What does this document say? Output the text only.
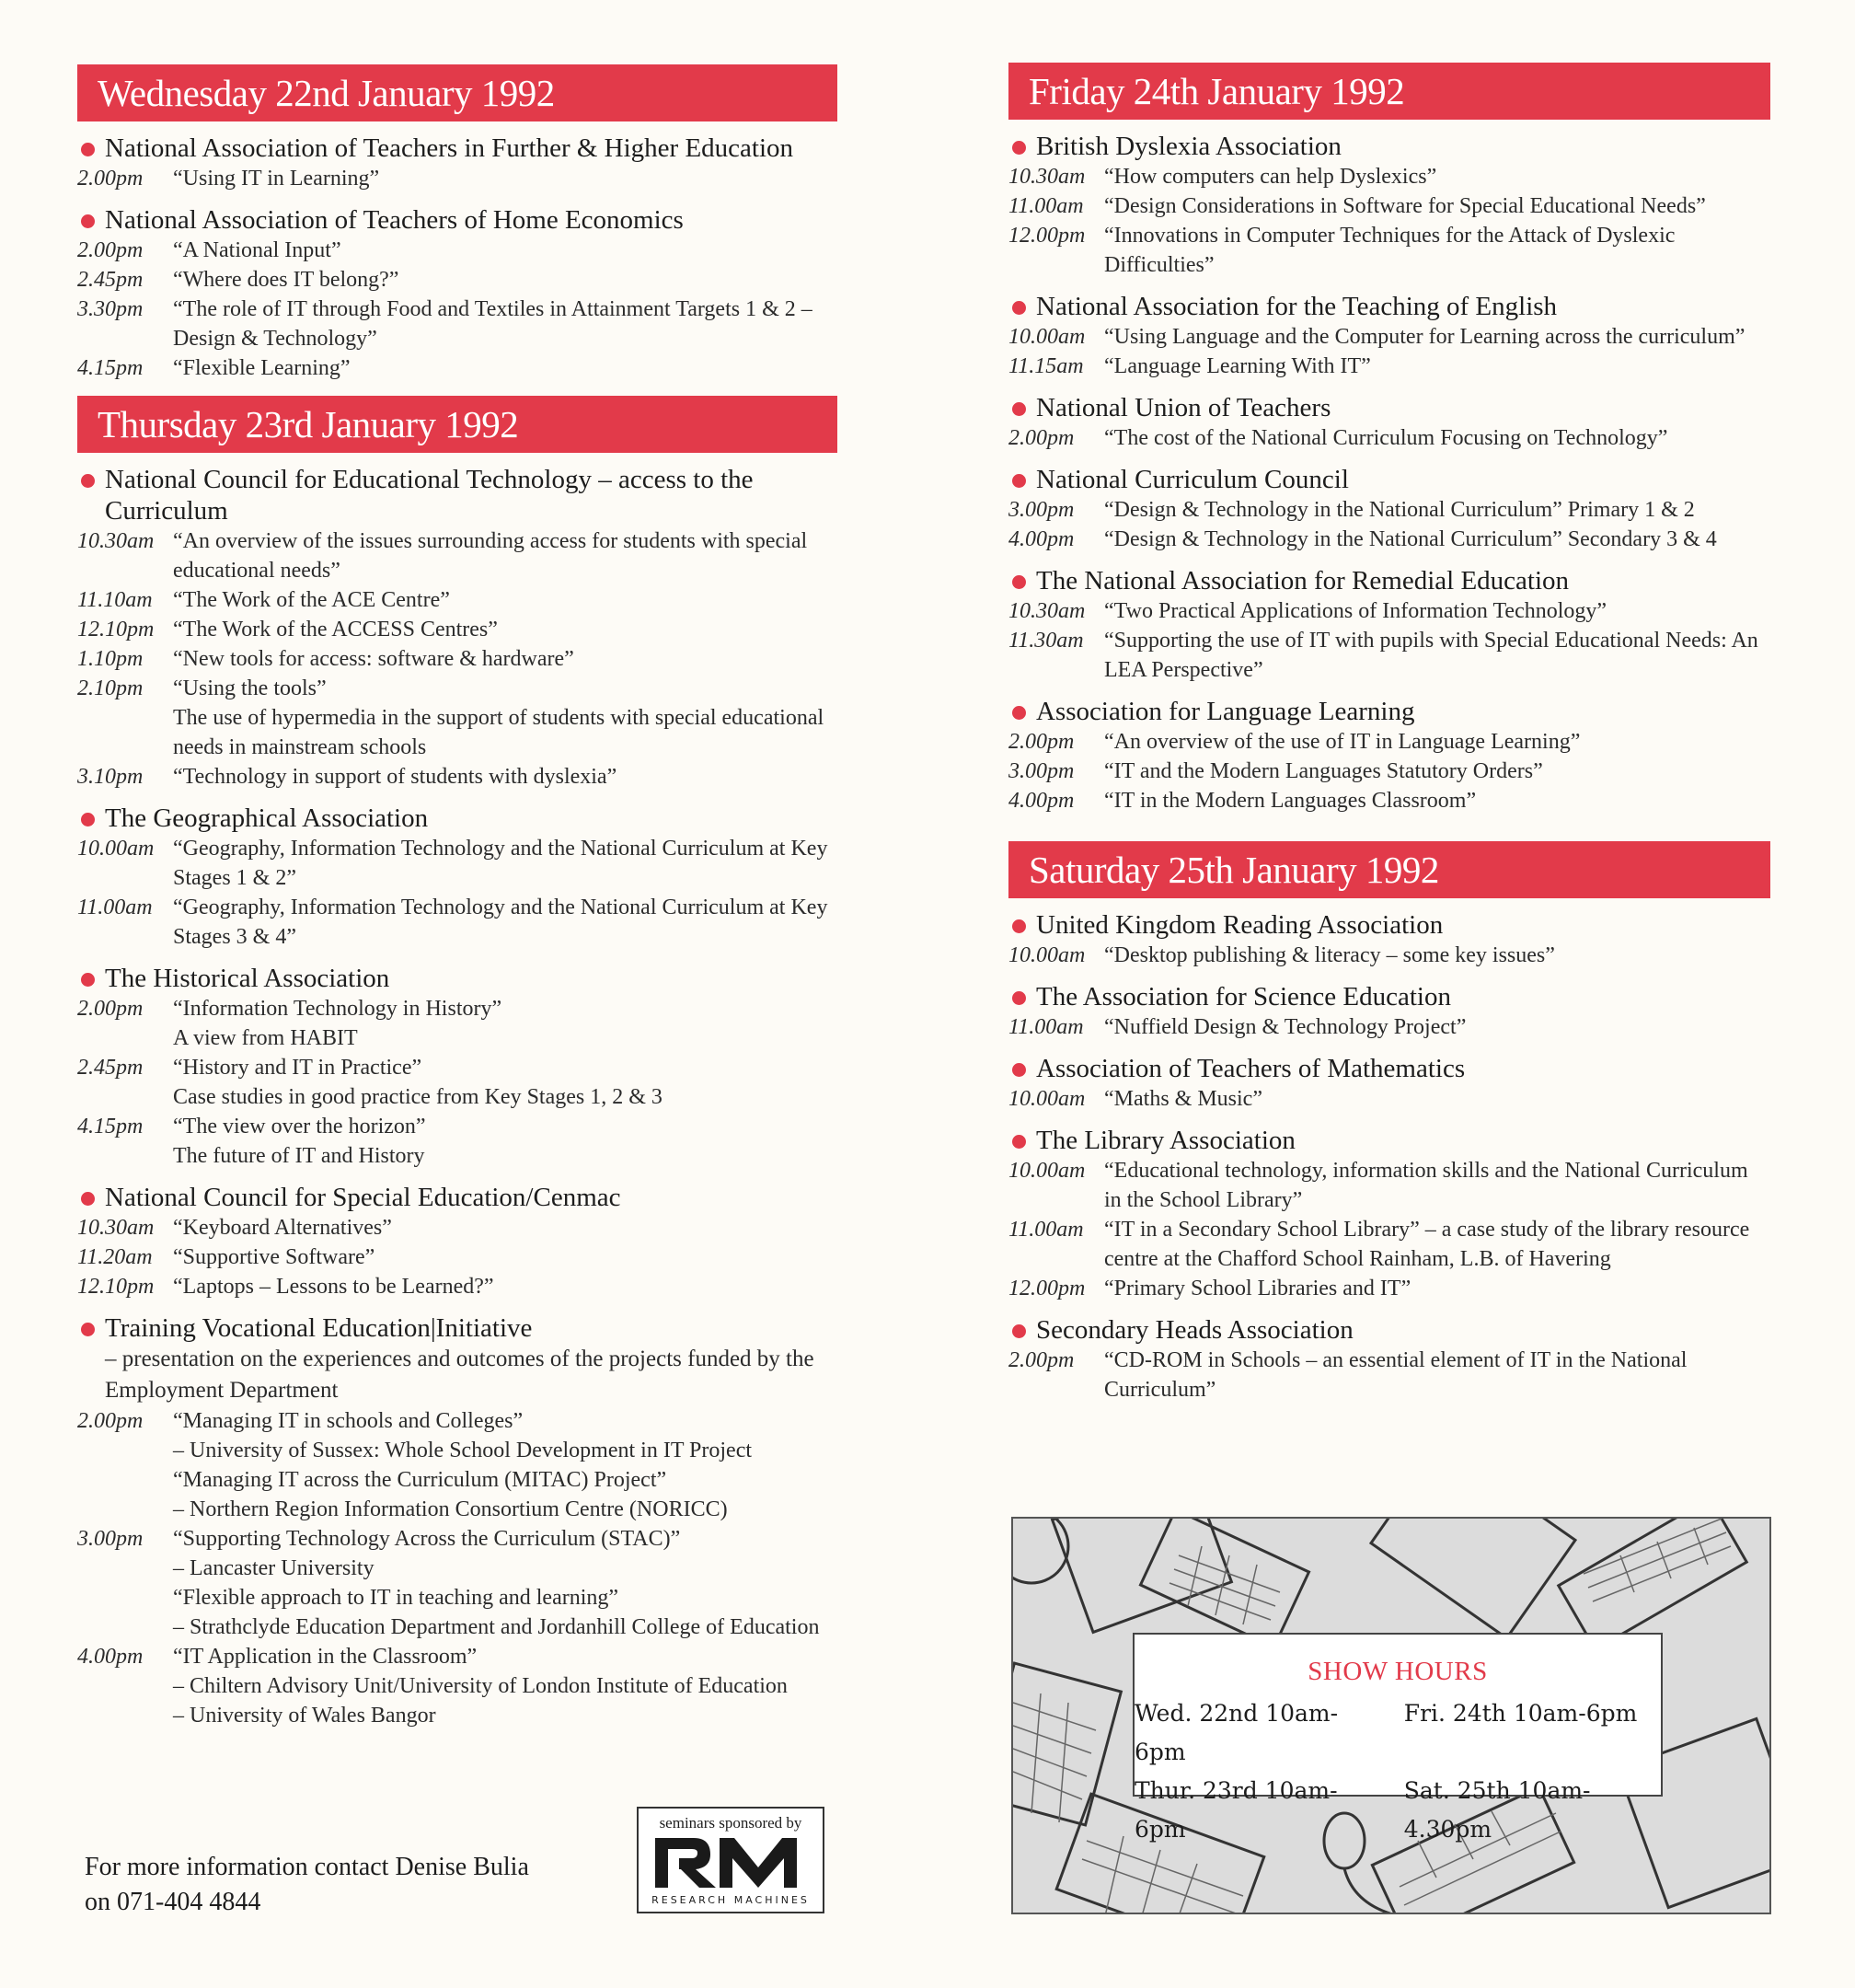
Wednesday 22nd January 1992
National Association of Teachers in Further & Higher Education
2.00pm	“Using IT in Learning”
National Association of Teachers of Home Economics
2.00pm	“A National Input”
2.45pm	“Where does IT belong?”
3.30pm	“The role of IT through Food and Textiles in Attainment Targets 1 & 2 – Design & Technology”
4.15pm	“Flexible Learning”
Thursday 23rd January 1992
National Council for Educational Technology – access to the Curriculum
10.30am “An overview of the issues surrounding access for students with special educational needs”
11.10am “The Work of the ACE Centre”
12.10pm “The Work of the ACCESS Centres”
1.10pm	“New tools for access: software & hardware”
2.10pm	“Using the tools”
The use of hypermedia in the support of students with special educational needs in mainstream schools
3.10pm	“Technology in support of students with dyslexia”
The Geographical Association
10.00am “Geography, Information Technology and the National Curriculum at Key Stages 1 & 2”
11.00am “Geography, Information Technology and the National Curriculum at Key Stages 3 & 4”
The Historical Association
2.00pm	“Information Technology in History”
A view from HABIT
2.45pm	“History and IT in Practice”
Case studies in good practice from Key Stages 1, 2 & 3
4.15pm	“The view over the horizon”
The future of IT and History
National Council for Special Education/Cenmac
10.30am “Keyboard Alternatives”
11.20am “Supportive Software”
12.10pm “Laptops – Lessons to be Learned?”
Training Vocational Education|Initiative
– presentation on the experiences and outcomes of the projects funded by the Employment Department
2.00pm	“Managing IT in schools and Colleges”
– University of Sussex: Whole School Development in IT Project
“Managing IT across the Curriculum (MITAC) Project”
– Northern Region Information Consortium Centre (NORICC)
3.00pm	“Supporting Technology Across the Curriculum (STAC)”
– Lancaster University
“Flexible approach to IT in teaching and learning”
– Strathclyde Education Department and Jordanhill College of Education
4.00pm	“IT Application in the Classroom”
– Chiltern Advisory Unit/University of London Institute of Education
– University of Wales Bangor
Friday 24th January 1992
British Dyslexia Association
10.30am “How computers can help Dyslexics”
11.00am “Design Considerations in Software for Special Educational Needs”
12.00pm “Innovations in Computer Techniques for the Attack of Dyslexic Difficulties”
National Association for the Teaching of English
10.00am “Using Language and the Computer for Learning across the curriculum”
11.15am “Language Learning With IT”
National Union of Teachers
2.00pm	“The cost of the National Curriculum Focusing on Technology”
National Curriculum Council
3.00pm	“Design & Technology in the National Curriculum” Primary 1 & 2
4.00pm	“Design & Technology in the National Curriculum” Secondary 3 & 4
The National Association for Remedial Education
10.30am “Two Practical Applications of Information Technology”
11.30am “Supporting the use of IT with pupils with Special Educational Needs: An LEA Perspective”
Association for Language Learning
2.00pm	“An overview of the use of IT in Language Learning”
3.00pm	“IT and the Modern Languages Statutory Orders”
4.00pm	“IT in the Modern Languages Classroom”
Saturday 25th January 1992
United Kingdom Reading Association
10.00am “Desktop publishing & literacy – some key issues”
The Association for Science Education
11.00am “Nuffield Design & Technology Project”
Association of Teachers of Mathematics
10.00am “Maths & Music”
The Library Association
10.00am “Educational technology, information skills and the National Curriculum in the School Library”
11.00am “IT in a Secondary School Library” – a case study of the library resource centre at the Chafford School Rainham, L.B. of Havering
12.00pm “Primary School Libraries and IT”
Secondary Heads Association
2.00pm	“CD-ROM in Schools – an essential element of IT in the National Curriculum”
SHOW HOURS
Wed. 22nd 10am-6pm
Fri. 24th 10am-6pm
Thur. 23rd 10am-6pm
Sat. 25th 10am-4.30pm
For more information contact Denise Bulia
on 071-404 4844
seminars sponsored by
RESEARCH MACHINES
